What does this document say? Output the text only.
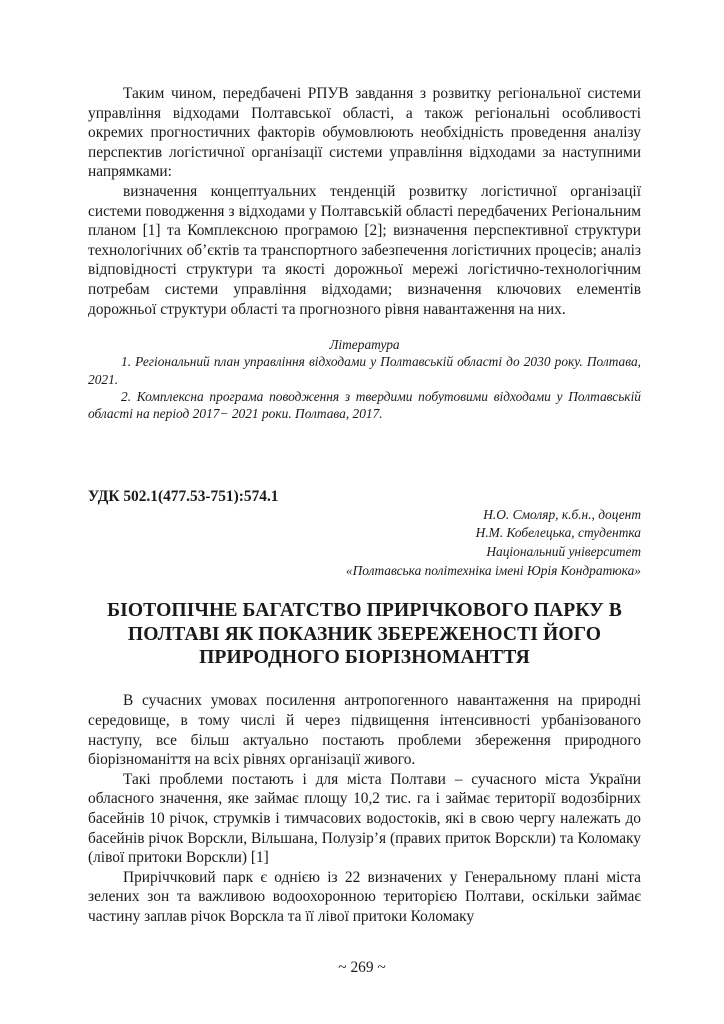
Таким чином, передбачені РПУВ завдання з розвитку регіональної системи управління відходами Полтавської області, а також регіональні особливості окремих прогностичних факторів обумовлюють необхідність проведення аналізу перспектив логістичної організації системи управління відходами за наступними напрямками:

визначення концептуальних тенденцій розвитку логістичної організації системи поводження з відходами у Полтавській області передбачених Регіональним планом [1] та Комплексною програмою [2]; визначення перспективної структури технологічних об’єктів та транспортного забезпечення логістичних процесів; аналіз відповідності структури та якості дорожньої мережі логістично-технологічним потребам системи управління відходами; визначення ключових елементів дорожньої структури області та прогнозного рівня навантаження на них.

Література

1. Регіональний план управління відходами у Полтавській області до 2030 року. Полтава, 2021.

2. Комплексна програма поводження з твердими побутовими відходами у Полтавській області на період 2017− 2021 роки. Полтава, 2017.

УДК 502.1(477.53-751):574.1

Н.О. Смоляр, к.б.н., доцент

Н.М. Кобелецька, студентка

Національний університет

«Полтавська політехніка імені Юрія Кондратюка»

БІОТОПІЧНЕ БАГАТСТВО ПРИРІЧКОВОГО ПАРКУ В ПОЛТАВІ ЯК ПОКАЗНИК ЗБЕРЕЖЕНОСТІ ЙОГО ПРИРОДНОГО БІОРІЗНОМАНТТЯ

В сучасних умовах посилення антропогенного навантаження на природні середовище, в тому числі й через підвищення інтенсивності урбанізованого наступу, все більш актуально постають проблеми збереження природного біорізноманіття на всіх рівнях організації живого.

Такі проблеми постають і для міста Полтави – сучасного міста України обласного значення, яке займає площу 10,2 тис. га і займає території водозбірних басейнів 10 річок, струмків і тимчасових водостоків, які в свою чергу належать до басейнів річок Ворскли, Вільшана, Полузір’я (правих приток Ворскли) та Коломаку (лівої притоки Ворскли) [1]

Приріччковий парк є однією із 22 визначених у Генеральному плані міста зелених зон та важливою водоохоронною територією Полтави, оскільки займає частину заплав річок Ворскла та її лівої притоки Коломаку

~ 269 ~
